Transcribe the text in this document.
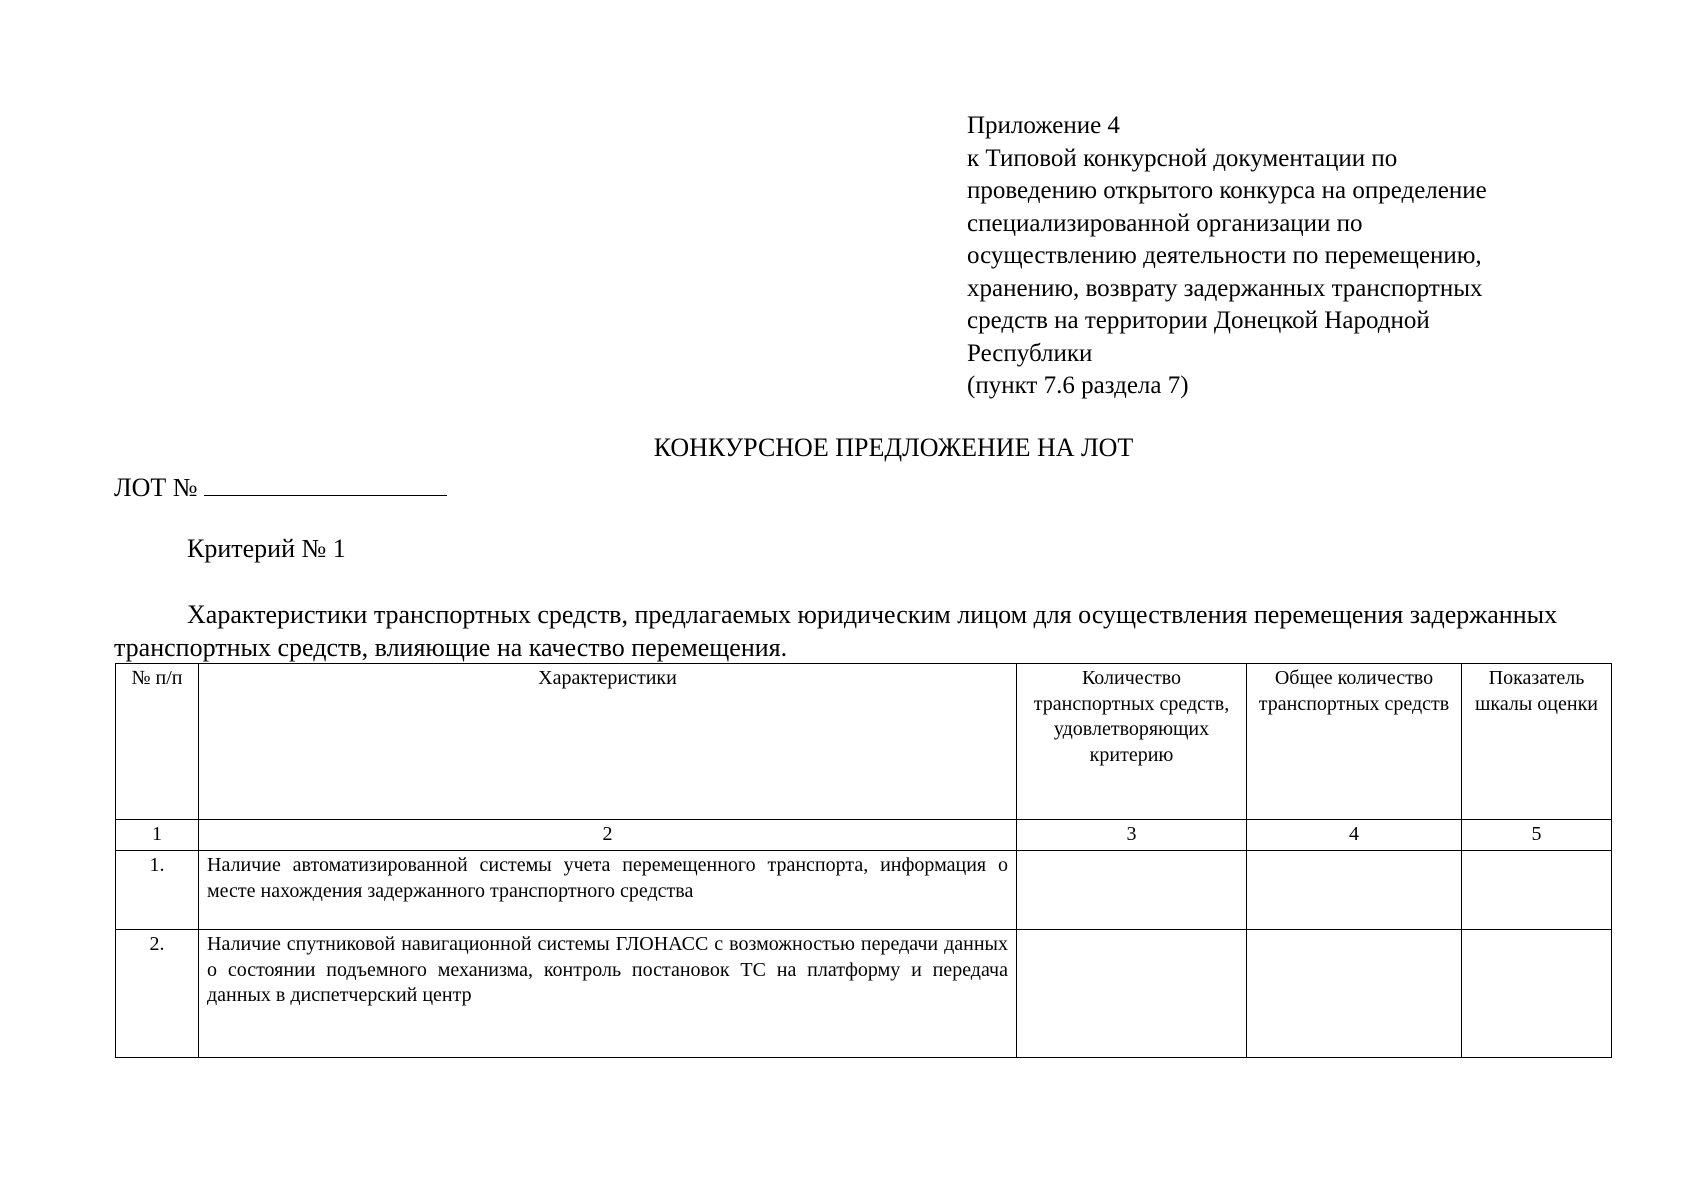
Приложение 4
к Типовой конкурсной документации по
проведению открытого конкурса на определение
специализированной организации по
осуществлению деятельности по перемещению,
хранению, возврату задержанных транспортных
средств на территории Донецкой Народной
Республики
(пункт 7.6 раздела 7)
КОНКУРСНОЕ ПРЕДЛОЖЕНИЕ НА ЛОТ
ЛОТ №
Критерий № 1
Характеристики транспортных средств, предлагаемых юридическим лицом для осуществления перемещения задержанных
транспортных средств, влияющие на качество перемещения.
№ п/п	Характеристики	Количество транспортных средств, удовлетворяющих критерию	Общее количество транспортных средств	Показатель шкалы оценки
1	2	3	4	5
1.	Наличие автоматизированной системы учета перемещенного транспорта, информация о месте нахождения задержанного транспортного средства			
2.	Наличие спутниковой навигационной системы ГЛОНАСС с возможностью передачи данных о состоянии подъемного механизма, контроль постановок ТС на платформу и передача данных в диспетчерский центр			
